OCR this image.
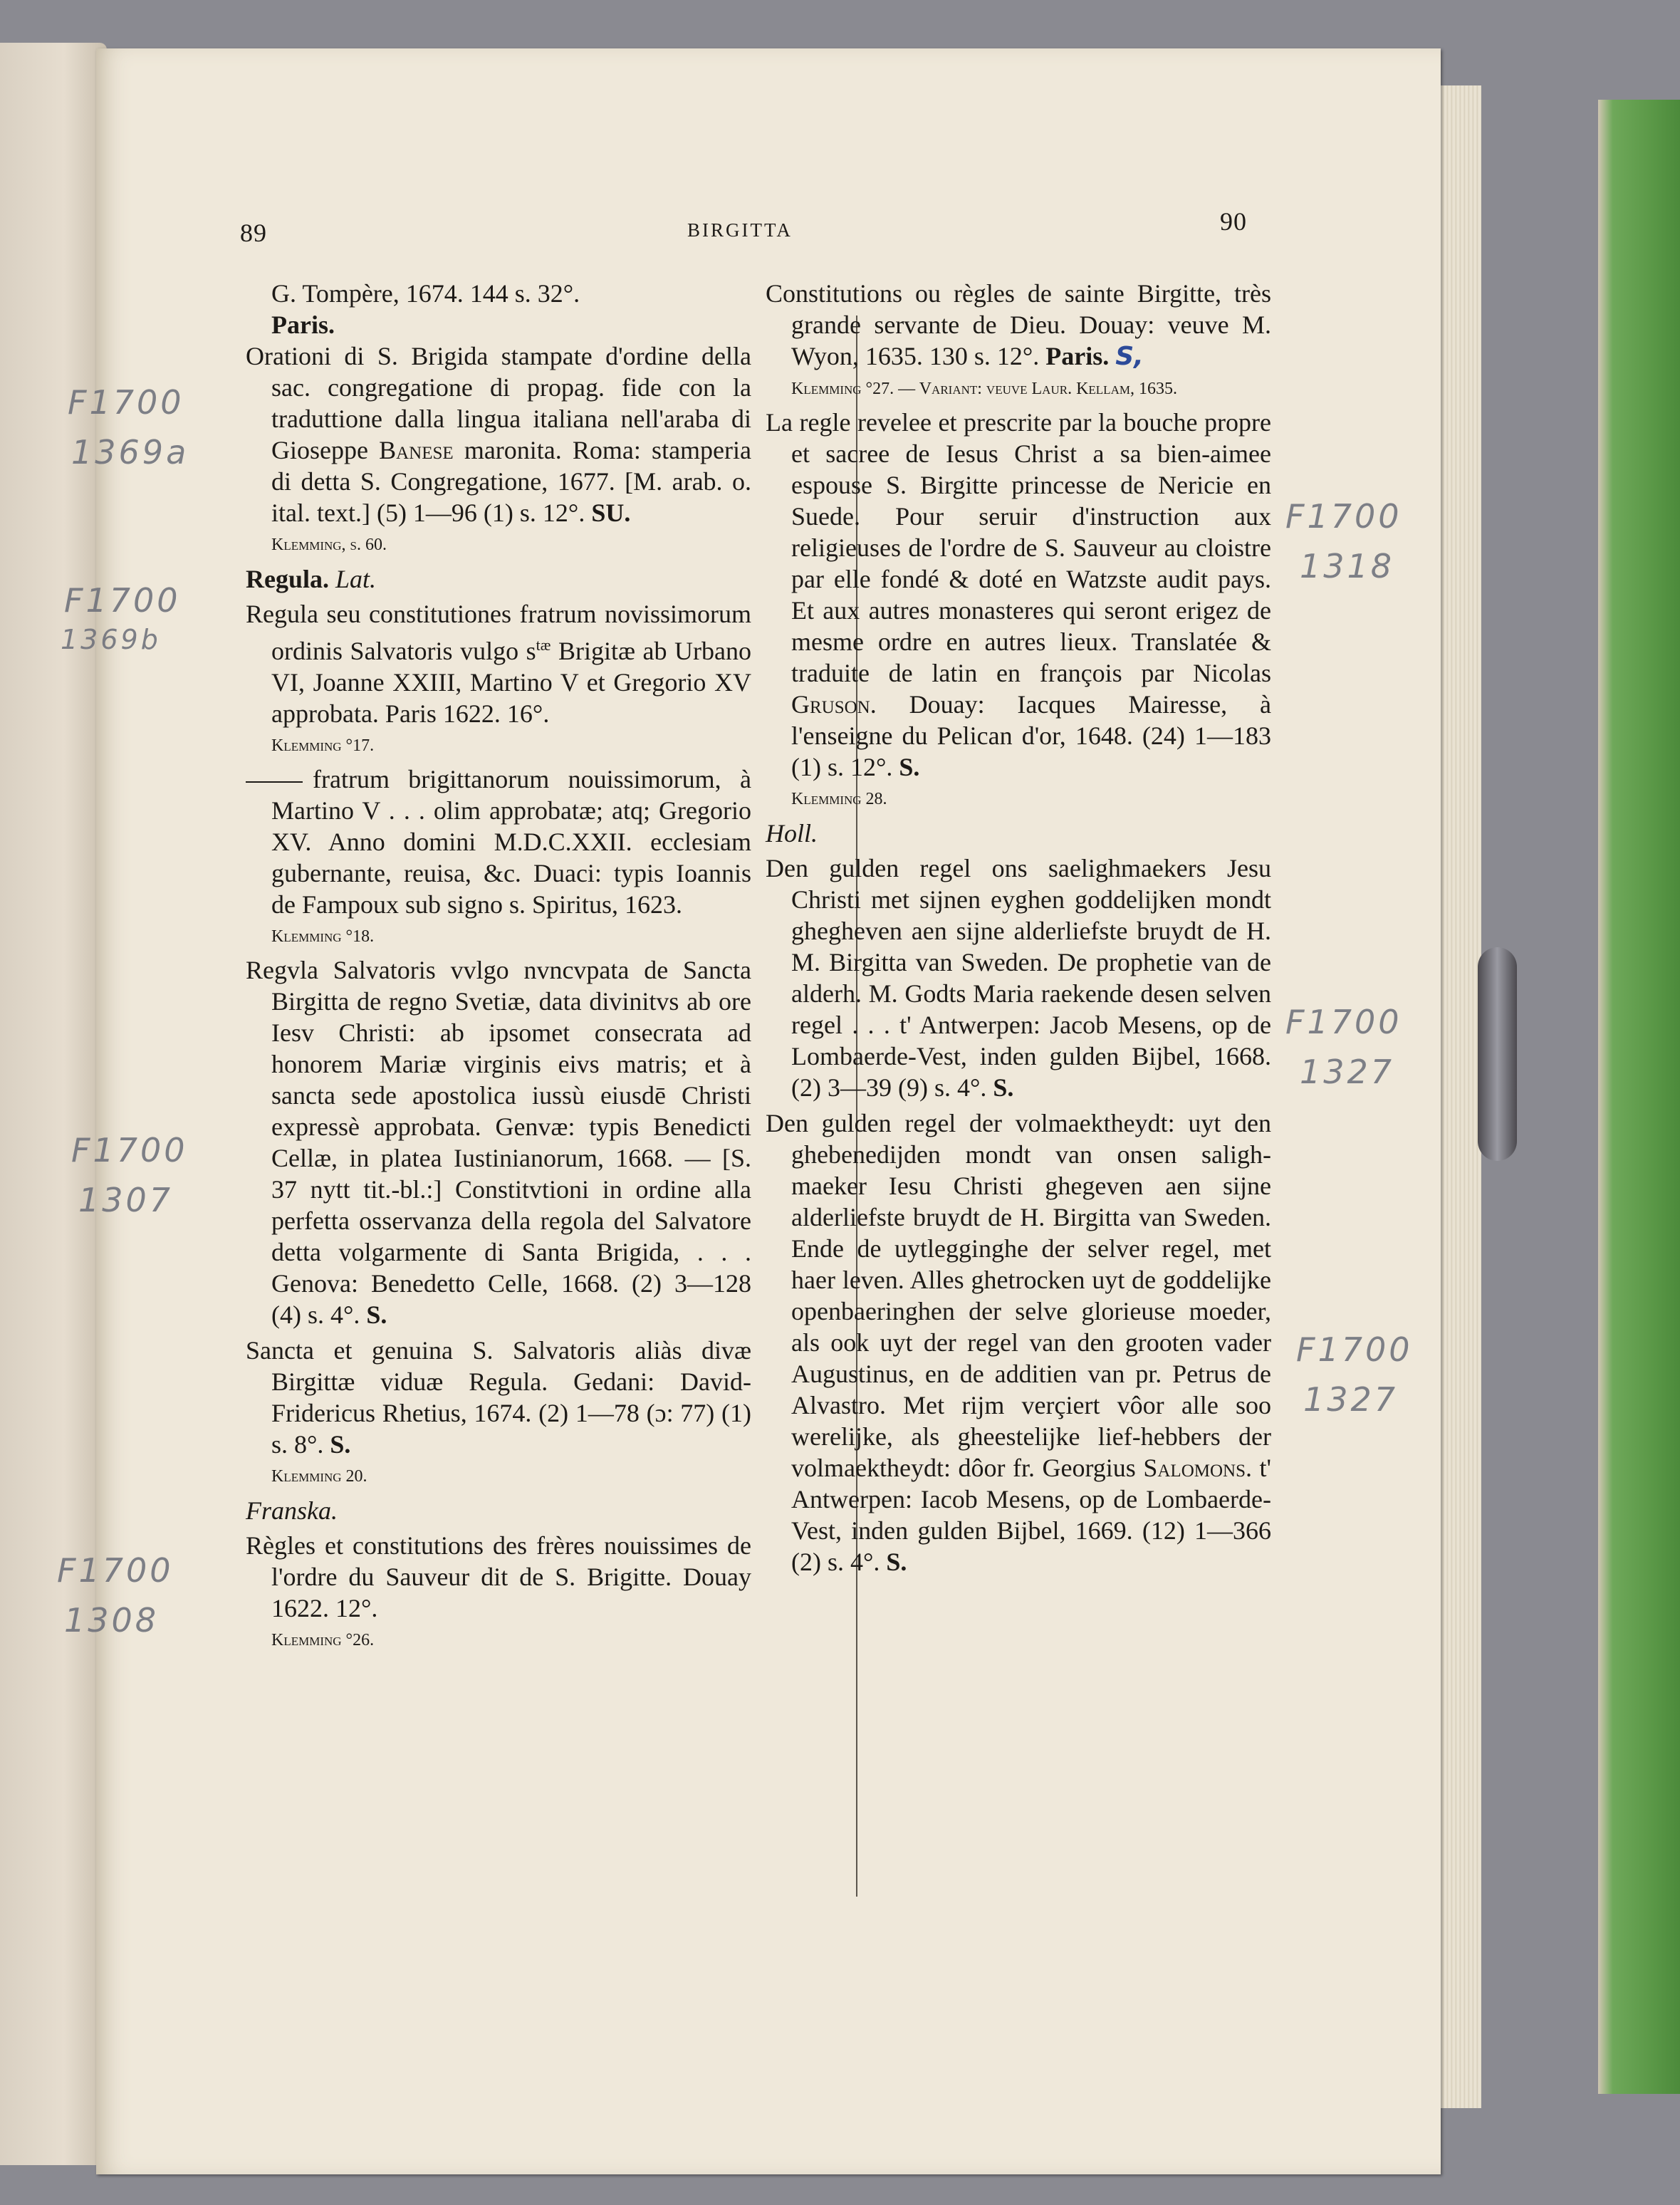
89	BIRGITTA	90
F1700
1369a
F1700
1369b
F1700
1307
F1700
1308
F1700
1318
F1700
1327
F1700
1327

G. Tompère, 1674. 144 s. 32°.
Paris.

Orationi di S. Brigida stampate d'ordine della sac. congregatione di propag. fide con la traduttione dalla lingua italiana nell'araba di Gioseppe Banese maronita. Roma: stamperia di detta S. Congregatione, 1677. [M. arab. o. ital. text.] (5) 1—96 (1) s. 12°. SU.

Klemming, s. 60.
Regula. Lat.

Regula seu constitutiones fratrum novissimorum ordinis Salvatoris vulgo $s^{tæ}$ Brigitæ ab Urbano VI, Joanne XXIII, Martino V et Gregorio XV approbata. Paris 1622. 16°.

Klemming °17.

fratrum brigittanorum nouissimorum, à Martino V . . . olim approbatæ; atq; Gregorio XV. Anno domini M.D.C.XXII. ecclesiam gubernante, reuisa, &c. Duaci: typis Ioannis de Fampoux sub signo s. Spiritus, 1623.

Klemming °18.

Regvla Salvatoris vvlgo nvncvpata de Sancta Birgitta de regno Svetiæ, data divinitvs ab ore Iesv Christi: ab ipsomet consecrata ad honorem Mariæ virginis eivs matris; et à sancta sede apostolica iussù eiusdē Christi expressè approbata. Genvæ: typis Benedicti Cellæ, in platea Iustinianorum, 1668. — [S. 37 nytt tit.-bl.:] Constitvtioni in ordine alla perfetta osservanza della regola del Salvatore detta volgarmente di Santa Brigida, . . . Genova: Benedetto Celle, 1668. (2) 3—128 (4) s. 4°. S.

Sancta et genuina S. Salvatoris aliàs divæ Birgittæ viduæ Regula. Gedani: David-Fridericus Rhetius, 1674. (2) 1—78 (ɔ: 77) (1) s. 8°. S.

Klemming 20.
Franska.

Règles et constitutions des frères nouissimes de l'ordre du Sauveur dit de S. Brigitte. Douay 1622. 12°.

Klemming °26.

Constitutions ou règles de sainte Birgitte, très grande servante de Dieu. Douay: veuve M. Wyon, 1635. 130 s. 12°. Paris. S,

Klemming °27. — Variant: veuve Laur. Kellam, 1635.

La regle revelee et prescrite par la bouche propre et sacree de Iesus Christ a sa bien-aimee espouse S. Birgitte princesse de Nericie en Suede. Pour seruir d'instruction aux religieuses de l'ordre de S. Sauveur au cloistre par elle fondé & doté en Watzste audit pays. Et aux autres monasteres qui seront erigez de mesme ordre en autres lieux. Translatée & traduite de latin en françois par Nicolas Gruson. Douay: Iacques Mairesse, à l'enseigne du Pelican d'or, 1648. (24) 1—183 (1) s. 12°. S.

Klemming 28.
Holl.

Den gulden regel ons saelighmaekers Jesu Christi met sijnen eyghen goddelijken mondt ghegheven aen sijne alderliefste bruydt de H. M. Birgitta van Sweden. De prophetie van de alderh. M. Godts Maria raekende desen selven regel . . . t' Antwerpen: Jacob Mesens, op de Lombaerde-Vest, inden gulden Bijbel, 1668. (2) 3—39 (9) s. 4°. S.

Den gulden regel der volmaektheydt: uyt den ghebenedijden mondt van onsen saligh-maeker Iesu Christi ghegeven aen sijne alderliefste bruydt de H. Birgitta van Sweden. Ende de uytlegginghe der selver regel, met haer leven. Alles ghetrocken uyt de goddelijke openbaeringhen der selve glorieuse moeder, als ook uyt der regel van den grooten vader Augustinus, en de additien van pr. Petrus de Alvastro. Met rijm verçiert vôor alle soo werelijke, als gheestelijke lief-hebbers der volmaektheydt: dôor fr. Georgius Salomons. t' Antwerpen: Iacob Mesens, op de Lombaerde-Vest, inden gulden Bijbel, 1669. (12) 1—366 (2) s. 4°. S.
